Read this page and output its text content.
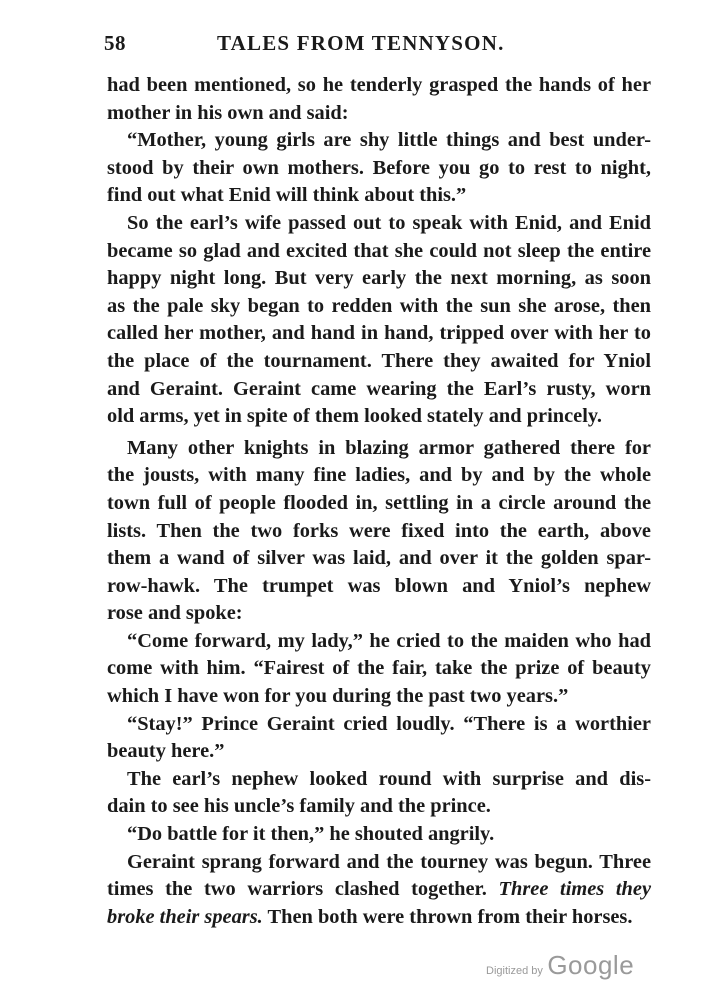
58	TALES FROM TENNYSON.
had been mentioned, so he tenderly grasped the hands of her
mother in his own and said:
“Mother, young girls are shy little things and best under-
stood by their own mothers. Before you go to rest to night,
find out what Enid will think about this.”
So the earl’s wife passed out to speak with Enid, and Enid
became so glad and excited that she could not sleep the entire
happy night long. But very early the next morning, as soon
as the pale sky began to redden with the sun she arose, then
called her mother, and hand in hand, tripped over with her to
the place of the tournament. There they awaited for Yniol
and Geraint. Geraint came wearing the Earl’s rusty, worn
old arms, yet in spite of them looked stately and princely.
Many other knights in blazing armor gathered there for
the jousts, with many fine ladies, and by and by the whole
town full of people flooded in, settling in a circle around the
lists. Then the two forks were fixed into the earth, above
them a wand of silver was laid, and over it the golden spar-
row-hawk. The trumpet was blown and Yniol’s nephew
rose and spoke:
“Come forward, my lady,” he cried to the maiden who had
come with him. “Fairest of the fair, take the prize of beauty
which I have won for you during the past two years.”
“Stay!” Prince Geraint cried loudly. “There is a worthier
beauty here.”
The earl’s nephew looked round with surprise and dis-
dain to see his uncle’s family and the prince.
“Do battle for it then,” he shouted angrily.
Geraint sprang forward and the tourney was begun. Three
times the two warriors clashed together. Three times they
broke their spears. Then both were thrown from their horses.
Digitized by Google
